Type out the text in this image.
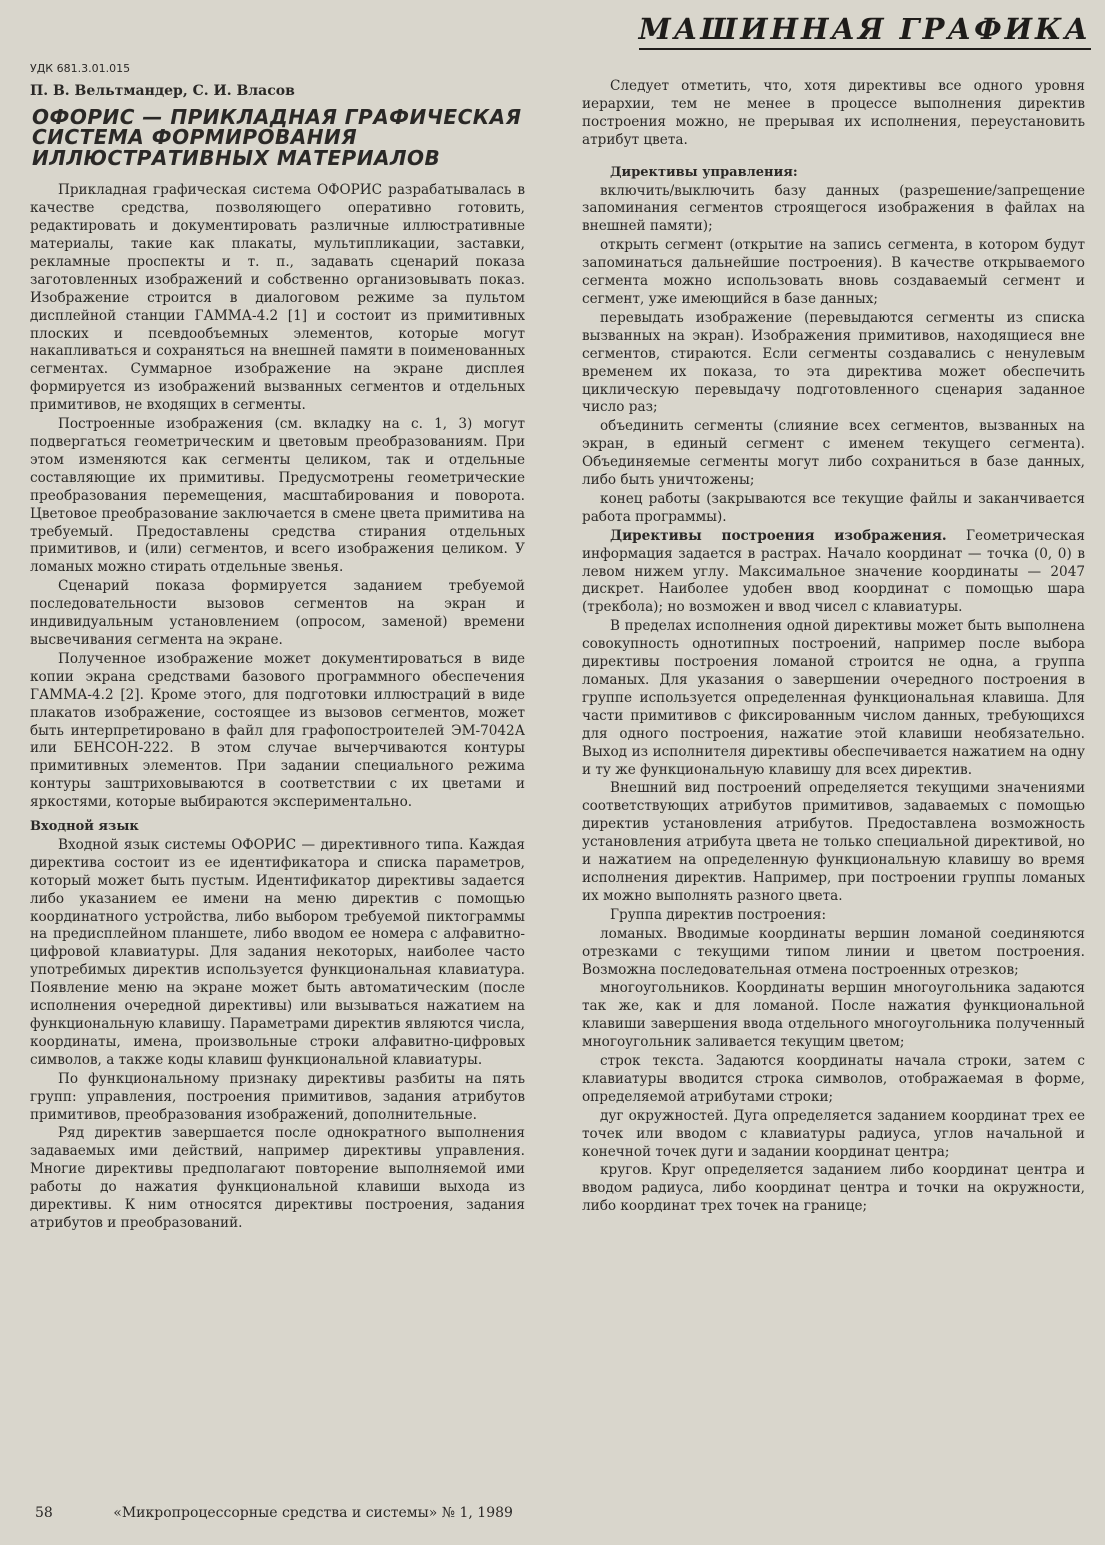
МАШИННАЯ ГРАФИКА
УДК 681.3.01.015
П. В. Вельтмандер, С. И. Власов
ОФОРИС — ПРИКЛАДНАЯ ГРАФИЧЕСКАЯ СИСТЕМА ФОРМИРОВАНИЯ ИЛЛЮСТРАТИВНЫХ МАТЕРИАЛОВ

Прикладная графическая система ОФОРИС разрабатывалась в качестве средства, позволяющего оперативно готовить, редактировать и документировать различные иллюстративные материалы, такие как плакаты, мультипликации, заставки, рекламные проспекты и т. п., задавать сценарий показа заготовленных изображений и собственно организовывать показ. Изображение строится в диалоговом режиме за пультом дисплейной станции ГАММА-4.2 [1] и состоит из примитивных плоских и псевдообъемных элементов, которые могут накапливаться и сохраняться на внешней памяти в поименованных сегментах. Суммарное изображение на экране дисплея формируется из изображений вызванных сегментов и отдельных примитивов, не входящих в сегменты.

Построенные изображения (см. вкладку на с. 1, 3) могут подвергаться геометрическим и цветовым преобразованиям. При этом изменяются как сегменты целиком, так и отдельные составляющие их примитивы. Предусмотрены геометрические преобразования перемещения, масштабирования и поворота. Цветовое преобразование заключается в смене цвета примитива на требуемый. Предоставлены средства стирания отдельных примитивов, и (или) сегментов, и всего изображения целиком. У ломаных можно стирать отдельные звенья.

Сценарий показа формируется заданием требуемой последовательности вызовов сегментов на экран и индивидуальным установлением (опросом, заменой) времени высвечивания сегмента на экране.

Полученное изображение может документироваться в виде копии экрана средствами базового программного обеспечения ГАММА-4.2 [2]. Кроме этого, для подготовки иллюстраций в виде плакатов изображение, состоящее из вызовов сегментов, может быть интерпретировано в файл для графопостроителей ЭМ-7042А или БЕНСОН-222. В этом случае вычерчиваются контуры примитивных элементов. При задании специального режима контуры заштриховываются в соответствии с их цветами и яркостями, которые выбираются экспериментально.

Входной язык

Входной язык системы ОФОРИС — директивного типа. Каждая директива состоит из ее идентификатора и списка параметров, который может быть пустым. Идентификатор директивы задается либо указанием ее имени на меню директив с помощью координатного устройства, либо выбором требуемой пиктограммы на предисплейном планшете, либо вводом ее номера с алфавитно-цифровой клавиатуры. Для задания некоторых, наиболее часто употребимых директив используется функциональная клавиатура. Появление меню на экране может быть автоматическим (после исполнения очередной директивы) или вызываться нажатием на функциональную клавишу. Параметрами директив являются числа, координаты, имена, произвольные строки алфавитно-цифровых символов, а также коды клавиш функциональной клавиатуры.

По функциональному признаку директивы разбиты на пять групп: управления, построения примитивов, задания атрибутов примитивов, преобразования изображений, дополнительные.

Ряд директив завершается после однократного выполнения задаваемых ими действий, например директивы управления. Многие директивы предполагают повторение выполняемой ими работы до нажатия функциональной клавиши выхода из директивы. К ним относятся директивы построения, задания атрибутов и преобразований.

Следует отметить, что, хотя директивы все одного уровня иерархии, тем не менее в процессе выполнения директив построения можно, не прерывая их исполнения, переустановить атрибут цвета.

Директивы управления:

включить/выключить базу данных (разрешение/запрещение запоминания сегментов строящегося изображения в файлах на внешней памяти);

открыть сегмент (открытие на запись сегмента, в котором будут запоминаться дальнейшие построения). В качестве открываемого сегмента можно использовать вновь создаваемый сегмент и сегмент, уже имеющийся в базе данных;

перевыдать изображение (перевыдаются сегменты из списка вызванных на экран). Изображения примитивов, находящиеся вне сегментов, стираются. Если сегменты создавались с ненулевым временем их показа, то эта директива может обеспечить циклическую перевыдачу подготовленного сценария заданное число раз;

объединить сегменты (слияние всех сегментов, вызванных на экран, в единый сегмент с именем текущего сегмента). Объединяемые сегменты могут либо сохраниться в базе данных, либо быть уничтожены;

конец работы (закрываются все текущие файлы и заканчивается работа программы).

Директивы построения изображения. Геометрическая информация задается в растрах. Начало координат — точка (0, 0) в левом нижем углу. Максимальное значение координаты — 2047 дискрет. Наиболее удобен ввод координат с помощью шара (трекбола); но возможен и ввод чисел с клавиатуры.

В пределах исполнения одной директивы может быть выполнена совокупность однотипных построений, например после выбора директивы построения ломаной строится не одна, а группа ломаных. Для указания о завершении очередного построения в группе используется определенная функциональная клавиша. Для части примитивов с фиксированным числом данных, требующихся для одного построения, нажатие этой клавиши необязательно. Выход из исполнителя директивы обеспечивается нажатием на одну и ту же функциональную клавишу для всех директив.

Внешний вид построений определяется текущими значениями соответствующих атрибутов примитивов, задаваемых с помощью директив установления атрибутов. Предоставлена возможность установления атрибута цвета не только специальной директивой, но и нажатием на определенную функциональную клавишу во время исполнения директив. Например, при построении группы ломаных их можно выполнять разного цвета.

Группа директив построения:

ломаных. Вводимые координаты вершин ломаной соединяются отрезками с текущими типом линии и цветом построения. Возможна последовательная отмена построенных отрезков;

многоугольников. Координаты вершин многоугольника задаются так же, как и для ломаной. После нажатия функциональной клавиши завершения ввода отдельного многоугольника полученный многоугольник заливается текущим цветом;

строк текста. Задаются координаты начала строки, затем с клавиатуры вводится строка символов, отображаемая в форме, определяемой атрибутами строки;

дуг окружностей. Дуга определяется заданием координат трех ее точек или вводом с клавиатуры радиуса, углов начальной и конечной точек дуги и задании координат центра;

кругов. Круг определяется заданием либо координат центра и вводом радиуса, либо координат центра и точки на окружности, либо координат трех точек на границе;

58	«Микропроцессорные средства и системы» № 1, 1989
